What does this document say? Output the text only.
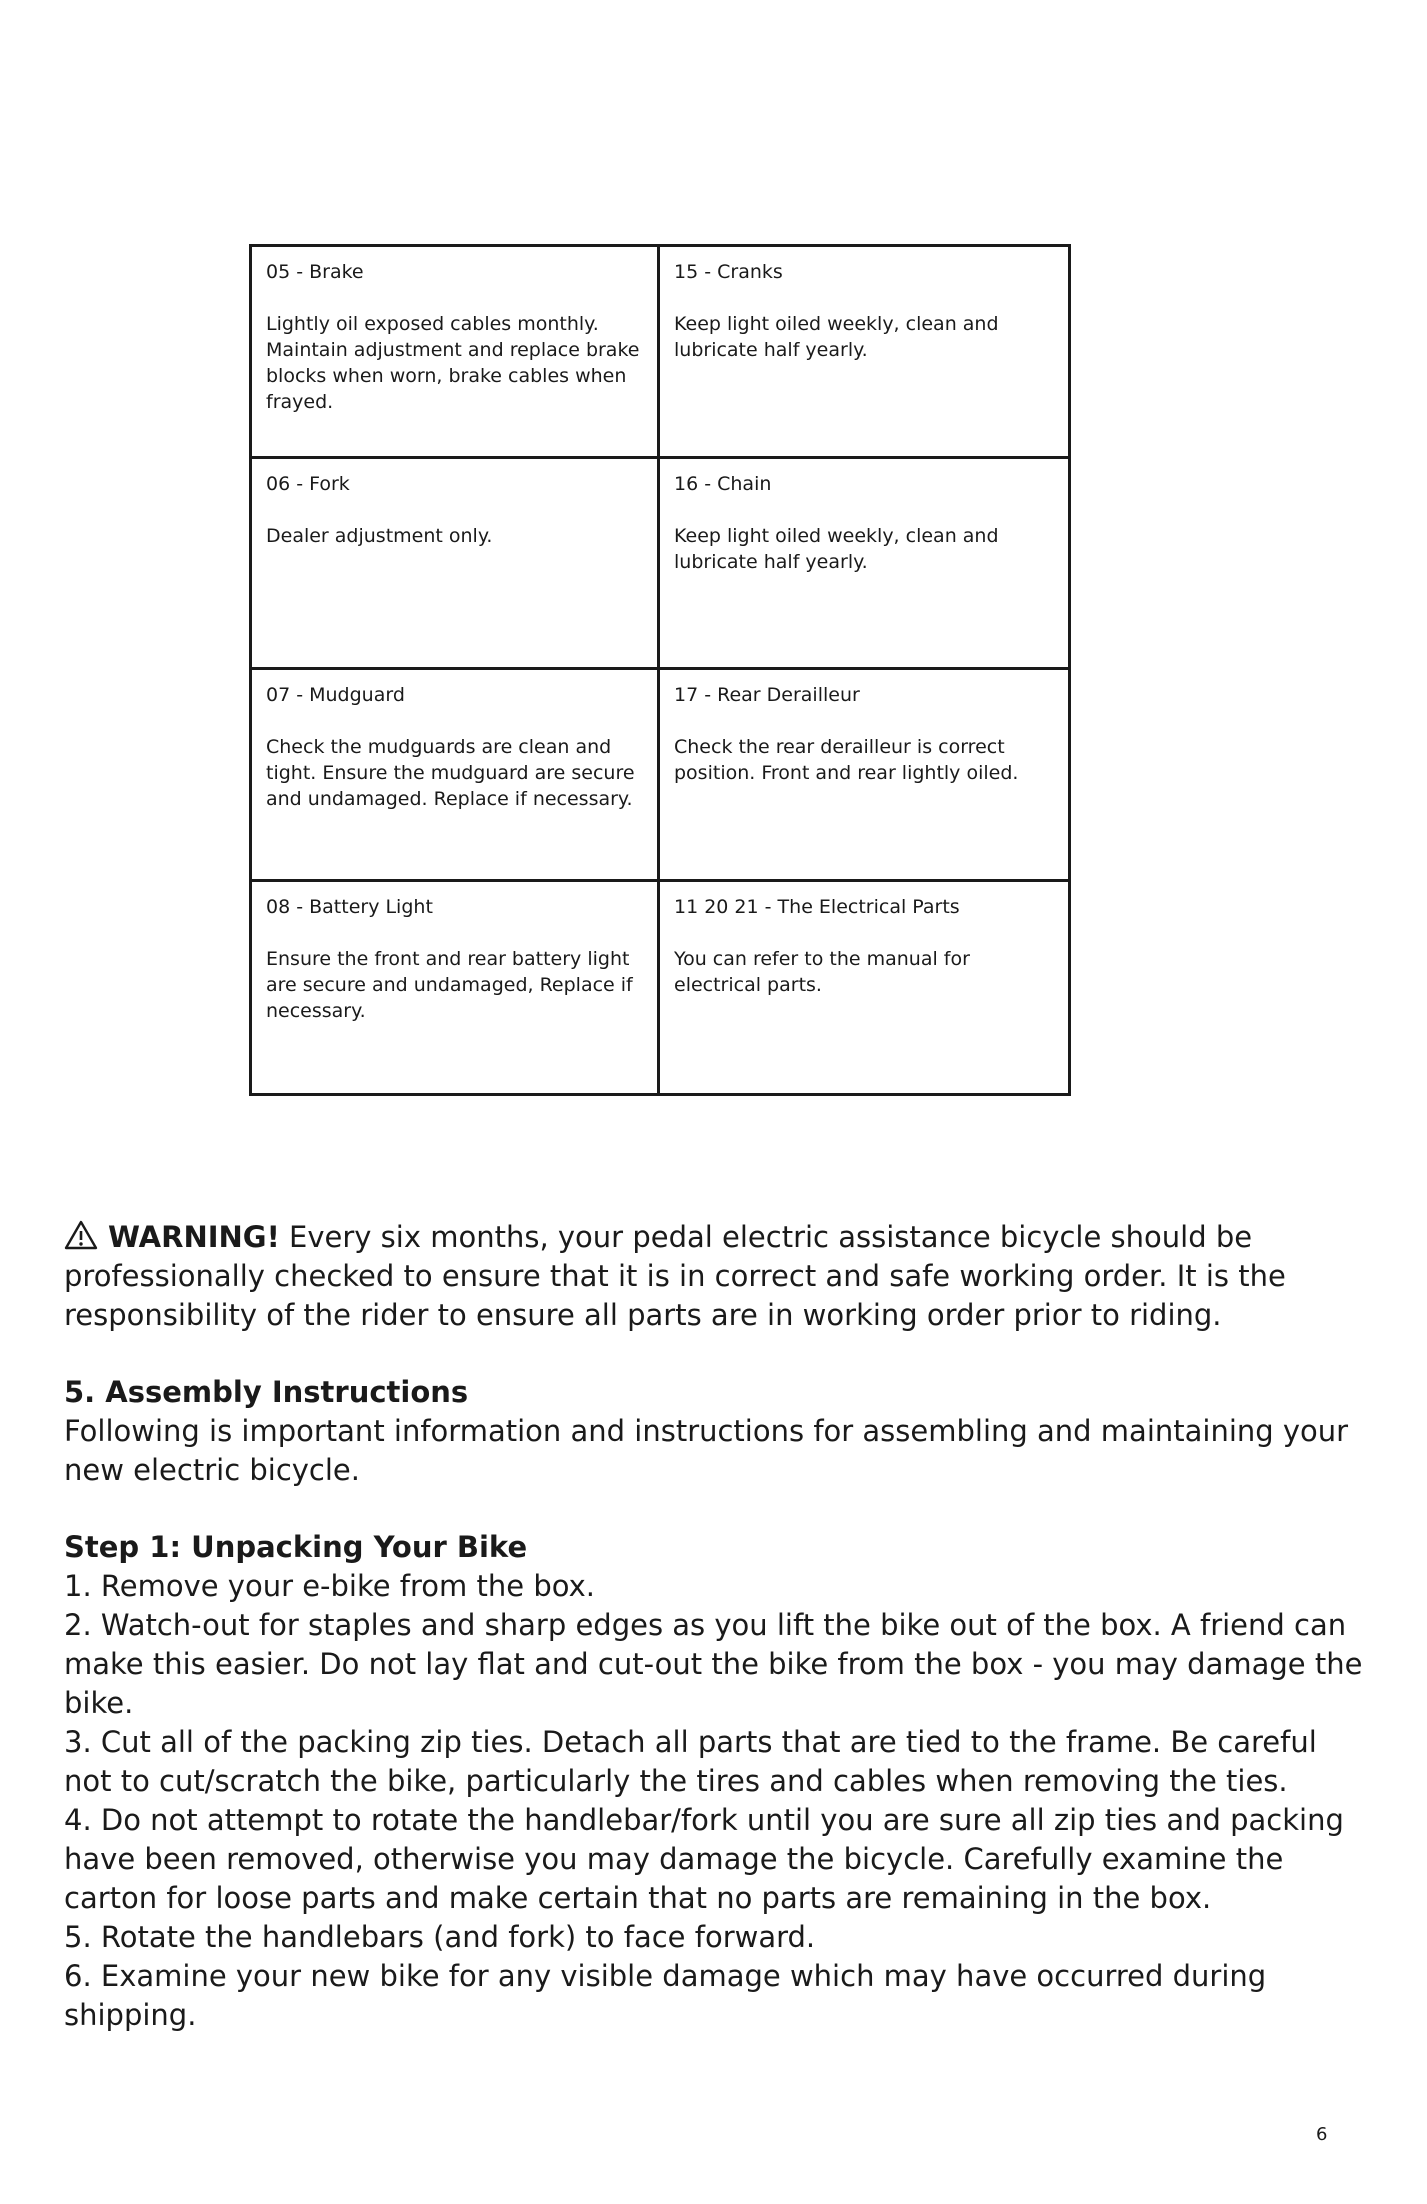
05 - Brake

Lightly oil exposed cables monthly. Maintain adjustment and replace brake blocks when worn, brake cables when frayed.

15 - Cranks

Keep light oiled weekly, clean and lubricate half yearly.

06 - Fork

Dealer adjustment only.

16 - Chain

Keep light oiled weekly, clean and lubricate half yearly.

07 - Mudguard

Check the mudguards are clean and tight. Ensure the mudguard are secure and undamaged. Replace if necessary.

17 - Rear Derailleur

Check the rear derailleur is correct position. Front and rear lightly oiled.

08 - Battery Light

Ensure the front and rear battery light are secure and undamaged, Replace if necessary.

11 20 21 - The Electrical Parts

You can refer to the manual for electrical parts.

WARNING! Every six months, your pedal electric assistance bicycle should be professionally checked to ensure that it is in correct and safe working order. It is the responsibility of the rider to ensure all parts are in working order prior to riding.

5. Assembly Instructions
Following is important information and instructions for assembling and maintaining your new electric bicycle.
Step 1: Unpacking Your Bike
1. Remove your e-bike from the box.
2. Watch-out for staples and sharp edges as you lift the bike out of the box. A friend can make this easier. Do not lay flat and cut-out the bike from the box - you may damage the bike.
3. Cut all of the packing zip ties. Detach all parts that are tied to the frame. Be careful not to cut/scratch the bike, particularly the tires and cables when removing the ties.
4. Do not attempt to rotate the handlebar/fork until you are sure all zip ties and packing have been removed, otherwise you may damage the bicycle. Carefully examine the carton for loose parts and make certain that no parts are remaining in the box.
5. Rotate the handlebars (and fork) to face forward.
6. Examine your new bike for any visible damage which may have occurred during shipping.
6
